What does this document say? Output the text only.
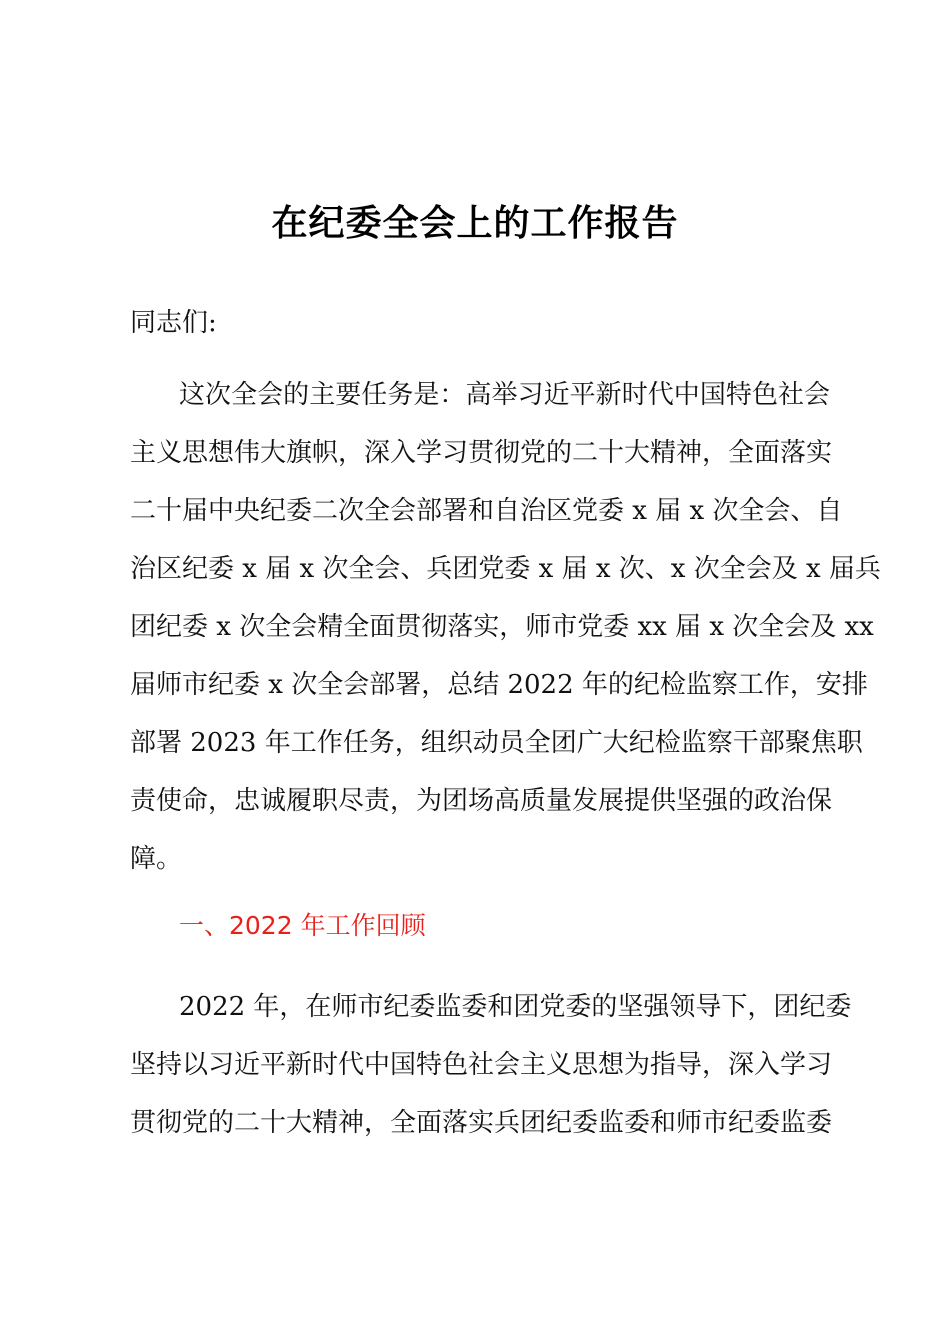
在纪委全会上的工作报告
同志们:
这次全会的主要任务是：高举习近平新时代中国特色社会
主义思想伟大旗帜，深入学习贯彻党的二十大精神，全面落实
二十届中央纪委二次全会部署和自治区党委 x 届 x 次全会、自
治区纪委 x 届 x 次全会、兵团党委 x 届 x 次、x 次全会及 x 届兵
团纪委 x 次全会精全面贯彻落实，师市党委 xx 届 x 次全会及 xx
届师市纪委 x 次全会部署，总结 2022 年的纪检监察工作，安排
部署 2023 年工作任务，组织动员全团广大纪检监察干部聚焦职
责使命，忠诚履职尽责，为团场高质量发展提供坚强的政治保
障。
一、2022 年工作回顾
2022 年，在师市纪委监委和团党委的坚强领导下，团纪委
坚持以习近平新时代中国特色社会主义思想为指导，深入学习
贯彻党的二十大精神，全面落实兵团纪委监委和师市纪委监委
